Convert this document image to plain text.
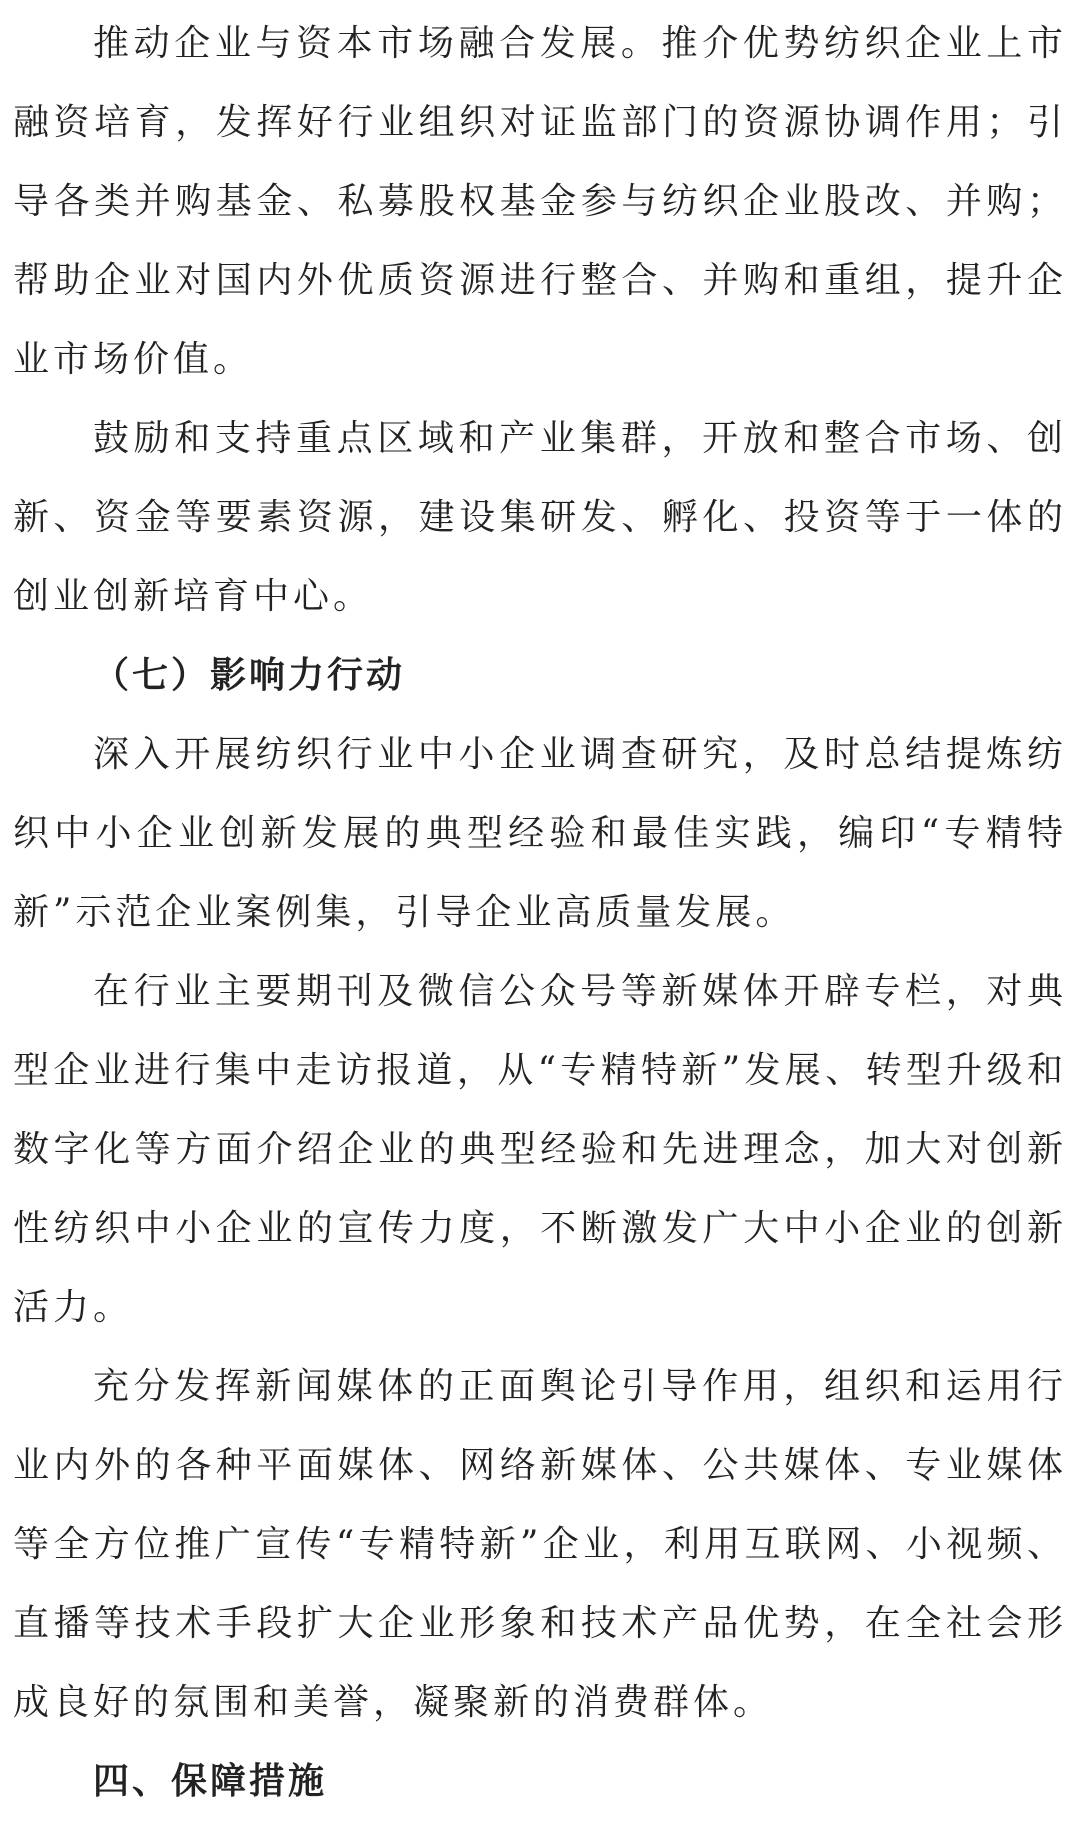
推动企业与资本市场融合发展。推介优势纺织企业上市融资培育，发挥好行业组织对证监部门的资源协调作用；引导各类并购基金、私募股权基金参与纺织企业股改、并购；帮助企业对国内外优质资源进行整合、并购和重组，提升企业市场价值。

鼓励和支持重点区域和产业集群，开放和整合市场、创新、资金等要素资源，建设集研发、孵化、投资等于一体的创业创新培育中心。

（七）影响力行动

深入开展纺织行业中小企业调查研究，及时总结提炼纺织中小企业创新发展的典型经验和最佳实践，编印“专精特新”示范企业案例集，引导企业高质量发展。

在行业主要期刊及微信公众号等新媒体开辟专栏，对典型企业进行集中走访报道，从“专精特新”发展、转型升级和数字化等方面介绍企业的典型经验和先进理念，加大对创新性纺织中小企业的宣传力度，不断激发广大中小企业的创新活力。

充分发挥新闻媒体的正面舆论引导作用，组织和运用行业内外的各种平面媒体、网络新媒体、公共媒体、专业媒体等全方位推广宣传“专精特新”企业，利用互联网、小视频、直播等技术手段扩大企业形象和技术产品优势，在全社会形成良好的氛围和美誉，凝聚新的消费群体。

四、保障措施
